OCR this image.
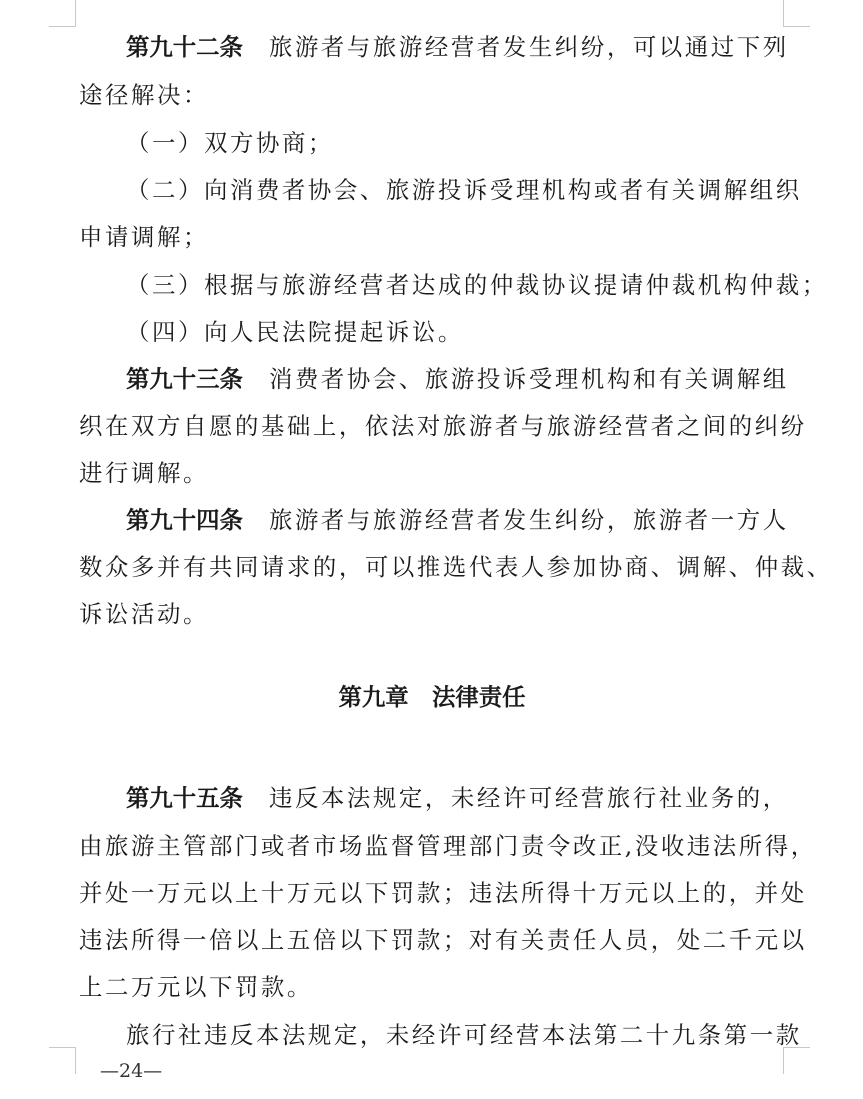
第九十二条 旅游者与旅游经营者发生纠纷，可以通过下列
途径解决：
（一）双方协商；
（二）向消费者协会、旅游投诉受理机构或者有关调解组织
申请调解；
（三）根据与旅游经营者达成的仲裁协议提请仲裁机构仲裁；
（四）向人民法院提起诉讼。
第九十三条 消费者协会、旅游投诉受理机构和有关调解组
织在双方自愿的基础上，依法对旅游者与旅游经营者之间的纠纷
进行调解。
第九十四条 旅游者与旅游经营者发生纠纷，旅游者一方人
数众多并有共同请求的，可以推选代表人参加协商、调解、仲裁、
诉讼活动。
第九章　法律责任
第九十五条 违反本法规定，未经许可经营旅行社业务的，
由旅游主管部门或者市场监督管理部门责令改正,没收违法所得，
并处一万元以上十万元以下罚款；违法所得十万元以上的，并处
违法所得一倍以上五倍以下罚款；对有关责任人员，处二千元以
上二万元以下罚款。
旅行社违反本法规定，未经许可经营本法第二十九条第一款
—24—
